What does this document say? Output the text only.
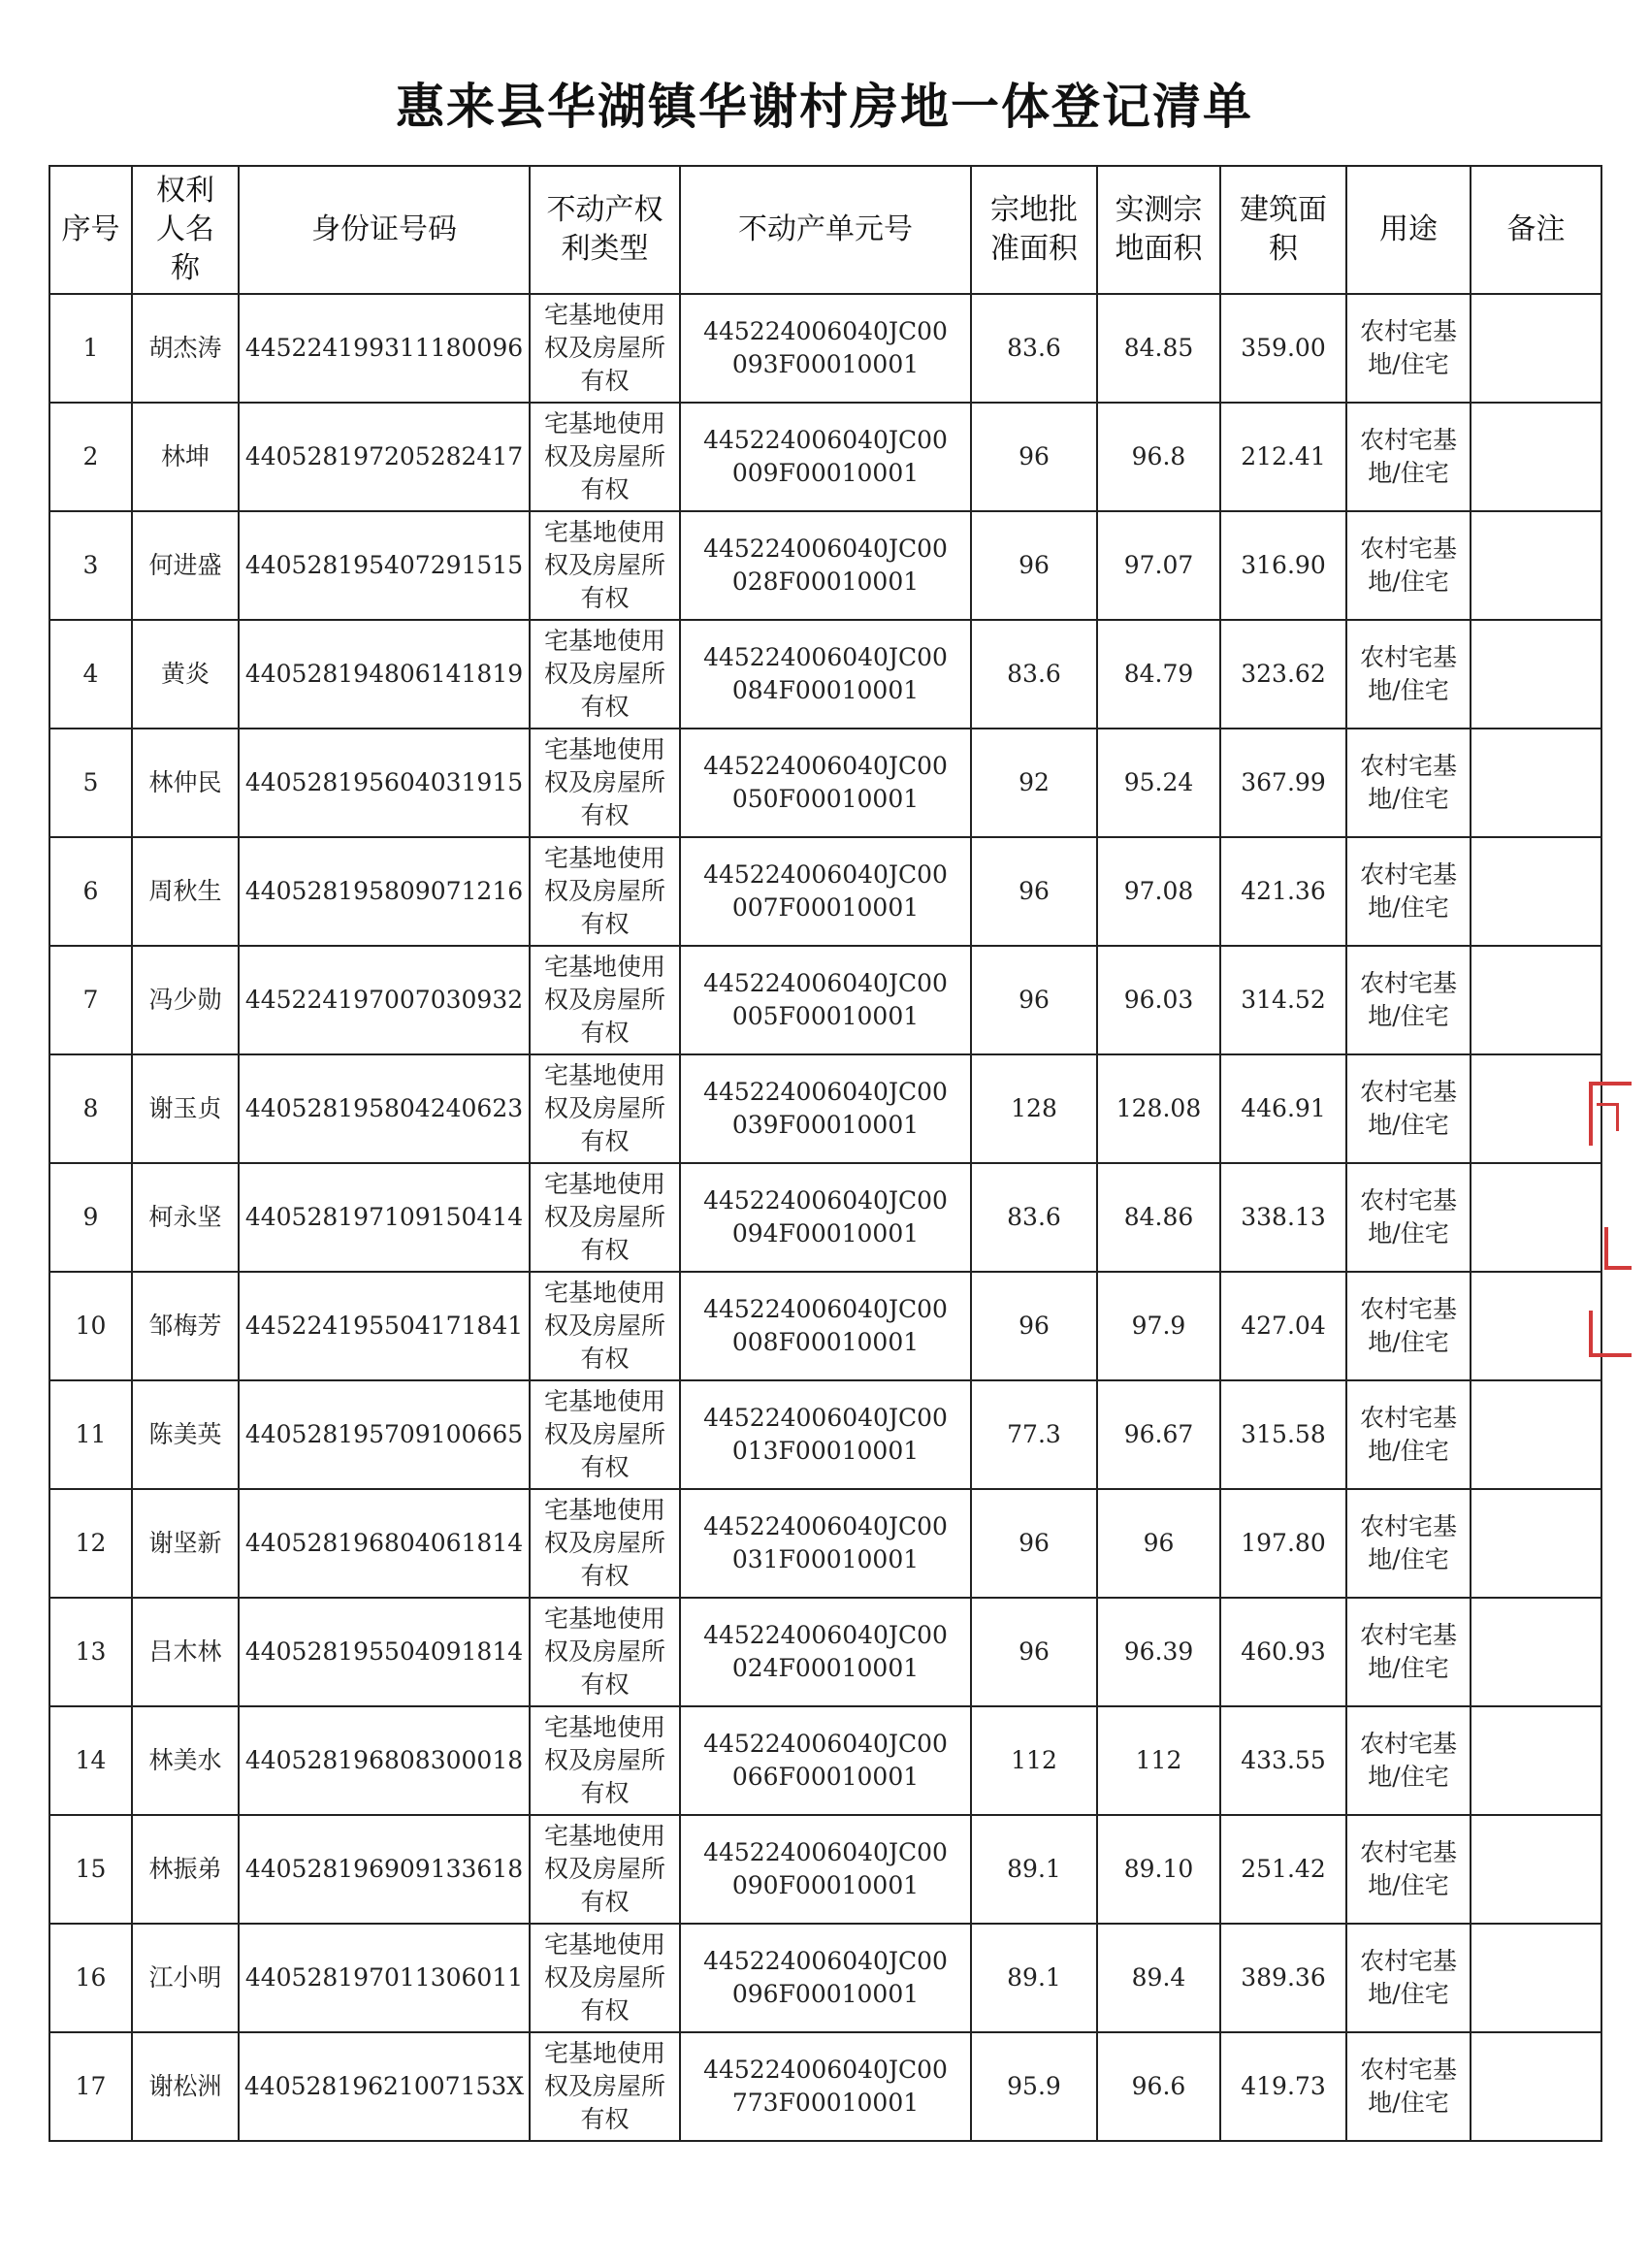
惠来县华湖镇华谢村房地一体登记清单
序号	权利人名称	身份证号码	不动产权利类型	不动产单元号	宗地批准面积	实测宗地面积	建筑面积	用途	备注
1	胡杰涛	445224199311180096	宅基地使用权及房屋所有权	445224006040JC00093F00010001	83.6	84.85	359.00	农村宅基地/住宅	
2	林坤	440528197205282417	宅基地使用权及房屋所有权	445224006040JC00009F00010001	96	96.8	212.41	农村宅基地/住宅	
3	何进盛	440528195407291515	宅基地使用权及房屋所有权	445224006040JC00028F00010001	96	97.07	316.90	农村宅基地/住宅	
4	黄炎	440528194806141819	宅基地使用权及房屋所有权	445224006040JC00084F00010001	83.6	84.79	323.62	农村宅基地/住宅	
5	林仲民	440528195604031915	宅基地使用权及房屋所有权	445224006040JC00050F00010001	92	95.24	367.99	农村宅基地/住宅	
6	周秋生	440528195809071216	宅基地使用权及房屋所有权	445224006040JC00007F00010001	96	97.08	421.36	农村宅基地/住宅	
7	冯少勋	445224197007030932	宅基地使用权及房屋所有权	445224006040JC00005F00010001	96	96.03	314.52	农村宅基地/住宅	
8	谢玉贞	440528195804240623	宅基地使用权及房屋所有权	445224006040JC00039F00010001	128	128.08	446.91	农村宅基地/住宅	
9	柯永坚	440528197109150414	宅基地使用权及房屋所有权	445224006040JC00094F00010001	83.6	84.86	338.13	农村宅基地/住宅	
10	邹梅芳	445224195504171841	宅基地使用权及房屋所有权	445224006040JC00008F00010001	96	97.9	427.04	农村宅基地/住宅	
11	陈美英	440528195709100665	宅基地使用权及房屋所有权	445224006040JC00013F00010001	77.3	96.67	315.58	农村宅基地/住宅	
12	谢坚新	440528196804061814	宅基地使用权及房屋所有权	445224006040JC00031F00010001	96	96	197.80	农村宅基地/住宅	
13	吕木林	440528195504091814	宅基地使用权及房屋所有权	445224006040JC00024F00010001	96	96.39	460.93	农村宅基地/住宅	
14	林美水	440528196808300018	宅基地使用权及房屋所有权	445224006040JC00066F00010001	112	112	433.55	农村宅基地/住宅	
15	林振弟	440528196909133618	宅基地使用权及房屋所有权	445224006040JC00090F00010001	89.1	89.10	251.42	农村宅基地/住宅	
16	江小明	440528197011306011	宅基地使用权及房屋所有权	445224006040JC00096F00010001	89.1	89.4	389.36	农村宅基地/住宅	
17	谢松洲	44052819621007153X	宅基地使用权及房屋所有权	445224006040JC00773F00010001	95.9	96.6	419.73	农村宅基地/住宅	
